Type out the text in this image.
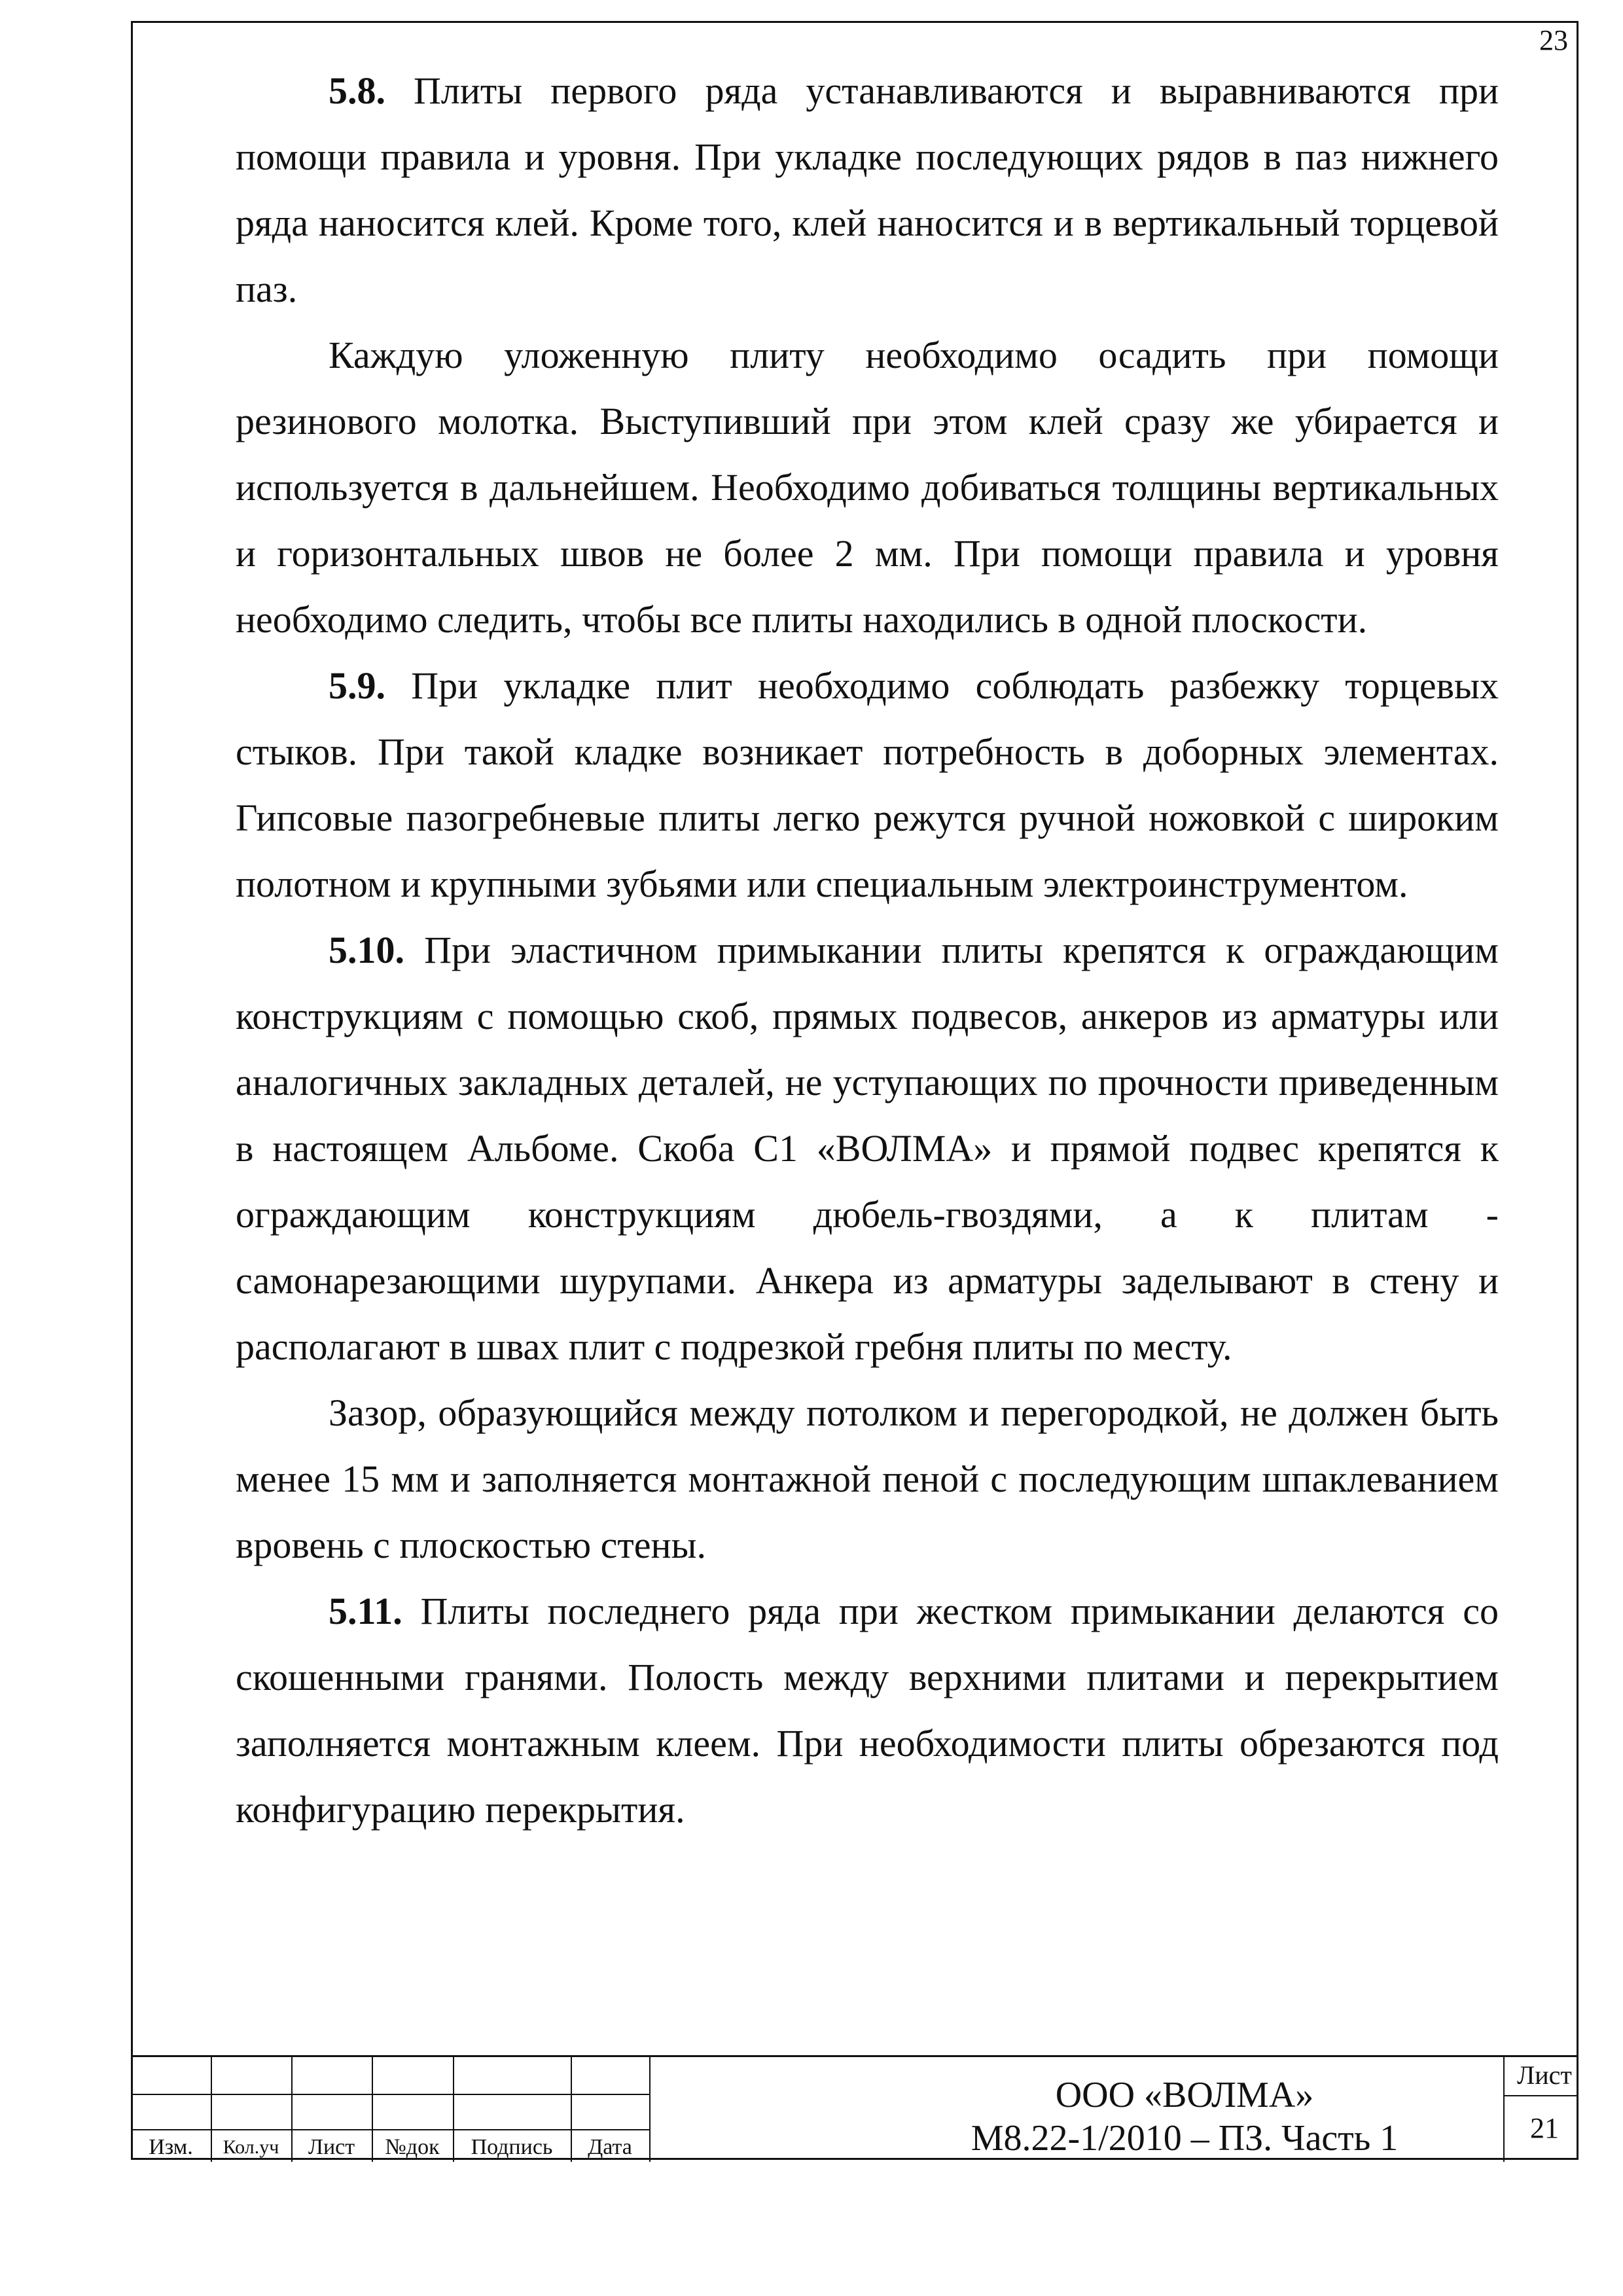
23

5.8. Плиты первого ряда устанавливаются и выравниваются при помощи правила и уровня. При укладке последующих рядов в паз нижнего ряда наносится клей. Кроме того, клей наносится и в вертикальный торцевой паз.

Каждую уложенную плиту необходимо осадить при помощи резинового молотка. Выступивший при этом клей сразу же убирается и используется в дальнейшем. Необходимо добиваться толщины вертикальных и горизонтальных швов не более 2 мм. При помощи правила и уровня необходимо следить, чтобы все плиты находились в одной плоскости.

5.9. При укладке плит необходимо соблюдать разбежку торцевых стыков. При такой кладке возникает потребность в доборных элементах. Гипсовые пазогребневые плиты легко режутся ручной ножовкой с широким полотном и крупными зубьями или специальным электроинструментом.

5.10. При эластичном примыкании плиты крепятся к ограждающим конструкциям с помощью скоб, прямых подвесов, анкеров из арматуры или аналогичных закладных деталей, не уступающих по прочности приведенным в настоящем Альбоме. Скоба С1 «ВОЛМА» и прямой подвес крепятся к ограждающим конструкциям дюбель-гвоздями, а к плитам - самонарезающими шурупами. Анкера из арматуры заделывают в стену и располагают в швах плит с подрезкой гребня плиты по месту.

Зазор, образующийся между потолком и перегородкой, не должен быть менее 15 мм и заполняется монтажной пеной с последующим шпаклеванием вровень с плоскостью стены.

5.11. Плиты последнего ряда при жестком примыкании делаются со скошенными гранями. Полость между верхними плитами и перекрытием заполняется монтажным клеем. При необходимости плиты обрезаются под конфигурацию перекрытия.

Изм.	Кол.уч	Лист	№док	Подпись	Дата
ООО «ВОЛМА»
М8.22-1/2010 – ПЗ. Часть 1
Лист
21
